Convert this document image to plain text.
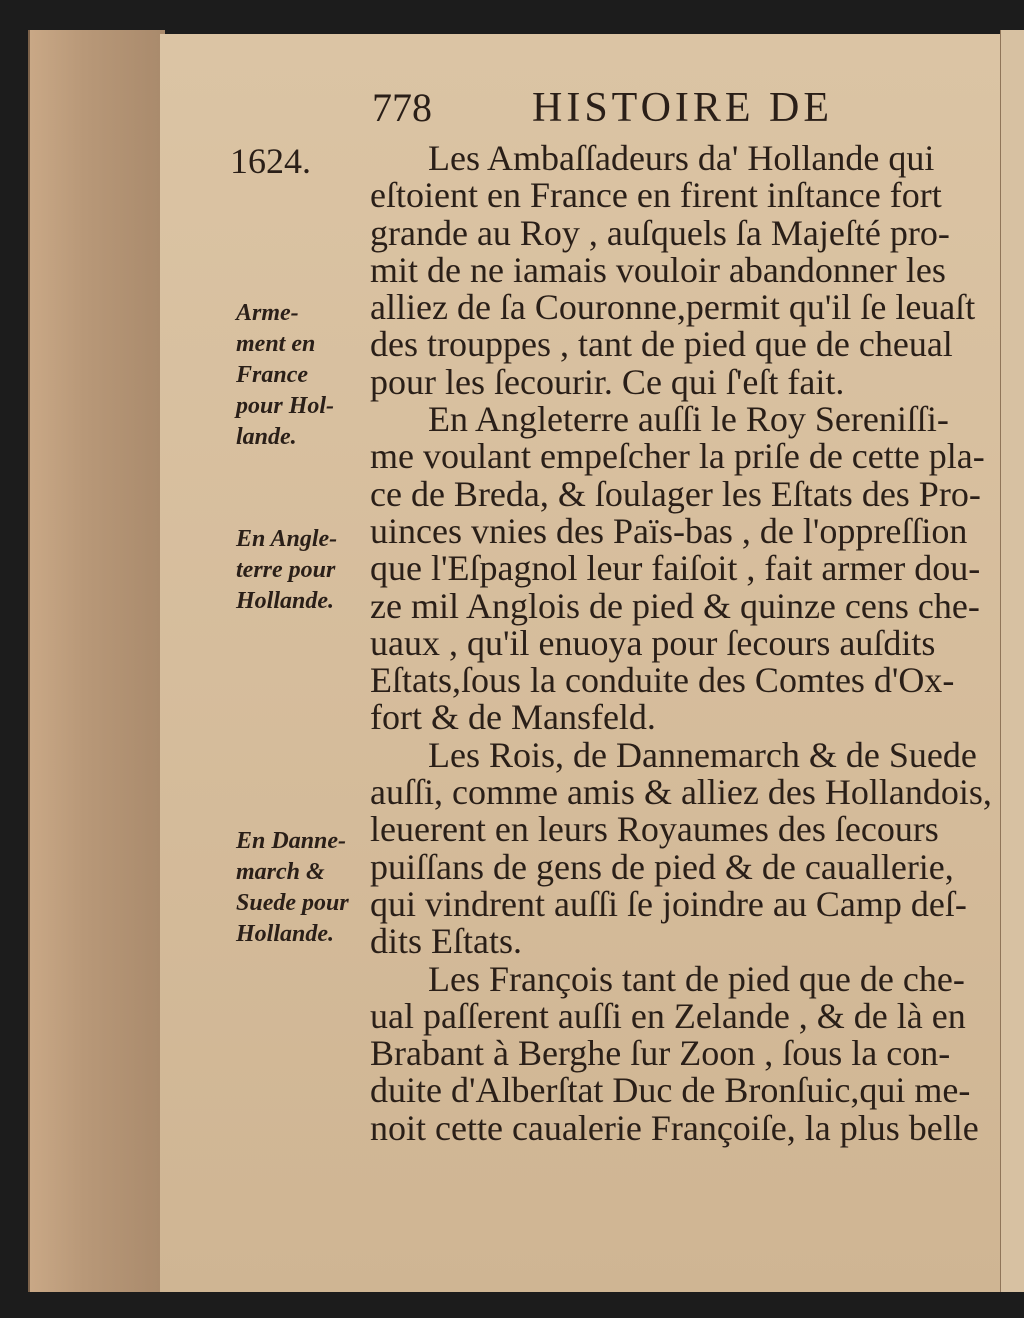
778 HISTOIRE DE
1624.
Arme-
ment en
France
pour Hol-
lande.
En Angle-
terre pour
Hollande.
En Danne-
march &
Suede pour
Hollande.
Les Ambaſſadeurs da' Hollande qui
eſtoient en France en firent inſtance fort
grande au Roy , auſquels ſa Majeſté pro-
mit de ne iamais vouloir abandonner les
alliez de ſa Couronne,permit qu'il ſe leuaſt
des trouppes , tant de pied que de cheual
pour les ſecourir. Ce qui ſ'eſt fait.
En Angleterre auſſi le Roy Sereniſſi-
me voulant empeſcher la priſe de cette pla-
ce de Breda, & ſoulager les Eſtats des Pro-
uinces vnies des Païs-bas , de l'oppreſſion
que l'Eſpagnol leur faiſoit , fait armer dou-
ze mil Anglois de pied & quinze cens che-
uaux , qu'il enuoya pour ſecours auſdits
Eſtats,ſous la conduite des Comtes d'Ox-
fort & de Mansfeld.
Les Rois, de Dannemarch & de Suede
auſſi, comme amis & alliez des Hollandois,
leuerent en leurs Royaumes des ſecours
puiſſans de gens de pied & de cauallerie,
qui vindrent auſſi ſe joindre au Camp deſ-
dits Eſtats.
Les François tant de pied que de che-
ual paſſerent auſſi en Zelande , & de là en
Brabant à Berghe ſur Zoon , ſous la con-
duite d'Alberſtat Duc de Bronſuic,qui me-
noit cette caualerie Françoiſe, la plus belle
